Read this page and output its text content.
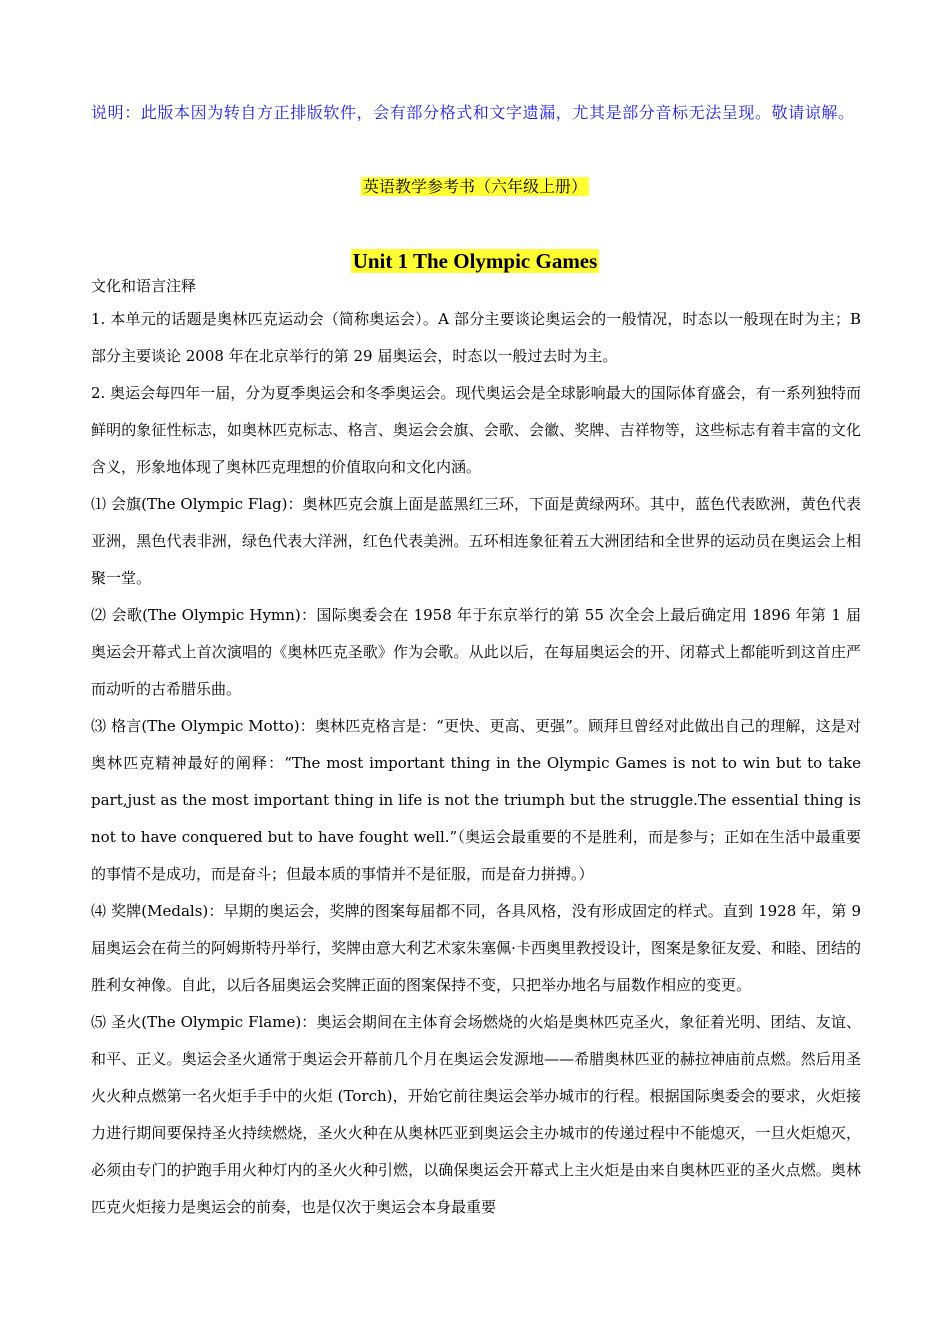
说明：此版本因为转自方正排版软件，会有部分格式和文字遗漏，尤其是部分音标无法呈现。敬请谅解。
英语教学参考书（六年级上册）
Unit 1 The Olympic Games

文化和语言注释

1. 本单元的话题是奥林匹克运动会（简称奥运会）。A 部分主要谈论奥运会的一般情况，时态以一般现在时为主；B 部分主要谈论 2008 年在北京举行的第 29 届奥运会，时态以一般过去时为主。

2. 奥运会每四年一届，分为夏季奥运会和冬季奥运会。现代奥运会是全球影响最大的国际体育盛会，有一系列独特而鲜明的象征性标志，如奥林匹克标志、格言、奥运会会旗、会歌、会徽、奖牌、吉祥物等，这些标志有着丰富的文化含义，形象地体现了奥林匹克理想的价值取向和文化内涵。

⑴ 会旗(The Olympic Flag)：奥林匹克会旗上面是蓝黑红三环，下面是黄绿两环。其中，蓝色代表欧洲，黄色代表亚洲，黑色代表非洲，绿色代表大洋洲，红色代表美洲。五环相连象征着五大洲团结和全世界的运动员在奥运会上相聚一堂。

⑵ 会歌(The Olympic Hymn)：国际奥委会在 1958 年于东京举行的第 55 次全会上最后确定用 1896 年第 1 届奥运会开幕式上首次演唱的《奥林匹克圣歌》作为会歌。从此以后，在每届奥运会的开、闭幕式上都能听到这首庄严而动听的古希腊乐曲。

⑶ 格言(The Olympic Motto)：奥林匹克格言是：“更快、更高、更强”。顾拜旦曾经对此做出自己的理解，这是对奥林匹克精神最好的阐释：“The most important thing in the Olympic Games is not to win but to take part,just as the most important thing in life is not the triumph but the struggle.The essential thing is not to have conquered but to have fought well.”（奥运会最重要的不是胜利，而是参与；正如在生活中最重要的事情不是成功，而是奋斗；但最本质的事情并不是征服，而是奋力拼搏。）

⑷ 奖牌(Medals)：早期的奥运会，奖牌的图案每届都不同，各具风格，没有形成固定的样式。直到 1928 年，第 9 届奥运会在荷兰的阿姆斯特丹举行，奖牌由意大利艺术家朱塞佩·卡西奥里教授设计，图案是象征友爱、和睦、团结的胜利女神像。自此，以后各届奥运会奖牌正面的图案保持不变，只把举办地名与届数作相应的变更。

⑸ 圣火(The Olympic Flame)：奥运会期间在主体育会场燃烧的火焰是奥林匹克圣火，象征着光明、团结、友谊、和平、正义。奥运会圣火通常于奥运会开幕前几个月在奥运会发源地——希腊奥林匹亚的赫拉神庙前点燃。然后用圣火火种点燃第一名火炬手手中的火炬 (Torch)，开始它前往奥运会举办城市的行程。根据国际奥委会的要求，火炬接力进行期间要保持圣火持续燃烧，圣火火种在从奥林匹亚到奥运会主办城市的传递过程中不能熄灭，一旦火炬熄灭，必须由专门的护跑手用火种灯内的圣火火种引燃，以确保奥运会开幕式上主火炬是由来自奥林匹亚的圣火点燃。奥林匹克火炬接力是奥运会的前奏，也是仅次于奥运会本身最重要
